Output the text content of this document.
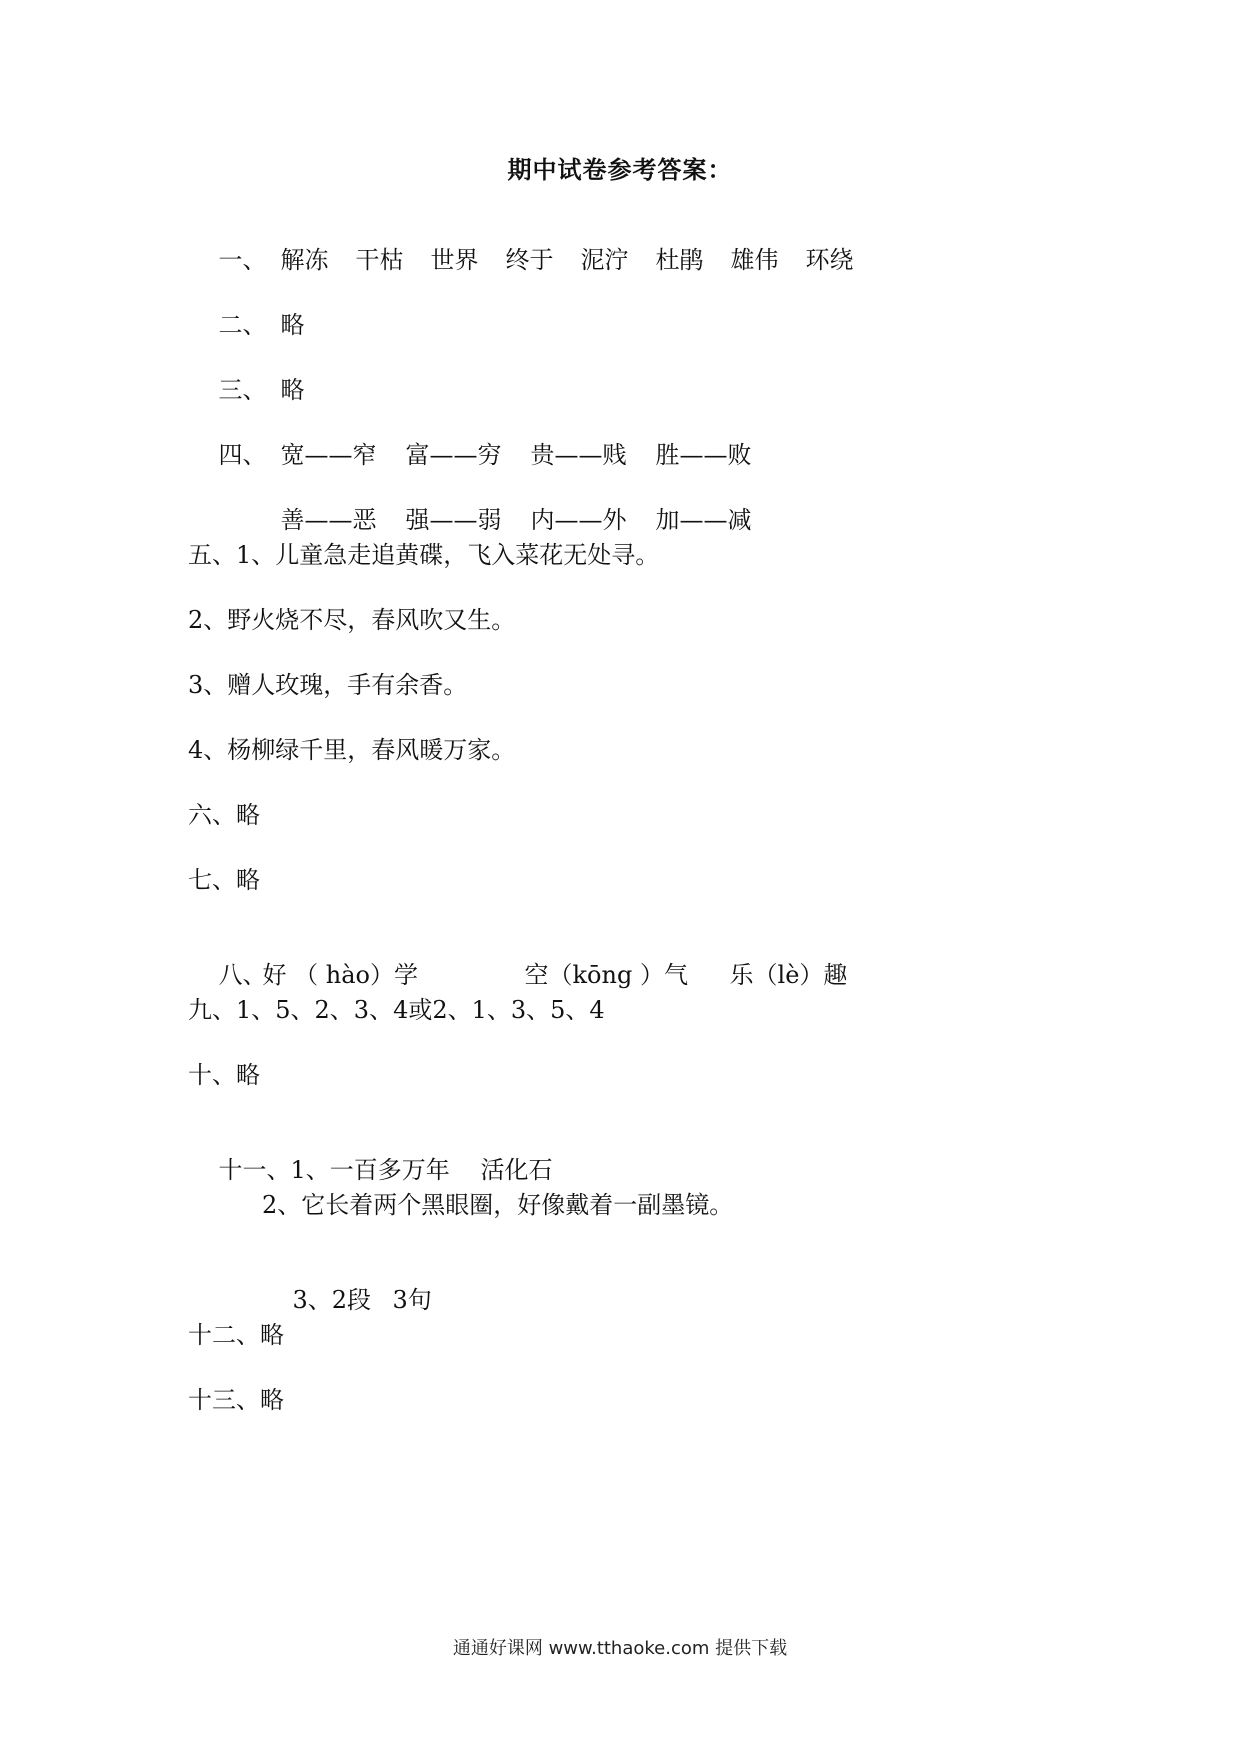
期中试卷参考答案：

一、 解冻 干枯 世界 终于 泥泞 杜鹃 雄伟 环绕

二、 略

三、 略

四、 宽——窄 富——穷 贵——贱 胜——败

善——恶 强——弱 内——外 加——减

五、1、儿童急走追黄碟，飞入菜花无处寻。
2、野火烧不尽，春风吹又生。
3、赠人玫瑰，手有余香。
4、杨柳绿千里，春风暖万家。
六、略
七、略

八、好 （ hào）学	空（kōng ）气 乐（lè）趣

九、1、5、2、3、4或2、1、3、5、4
十、略

十一、1、一百多万年 活化石

2、它长着两个黑眼圈，好像戴着一副墨镜。

3、2段 3句

十二、略
十三、略
通通好课网 www.tthaoke.com 提供下载
